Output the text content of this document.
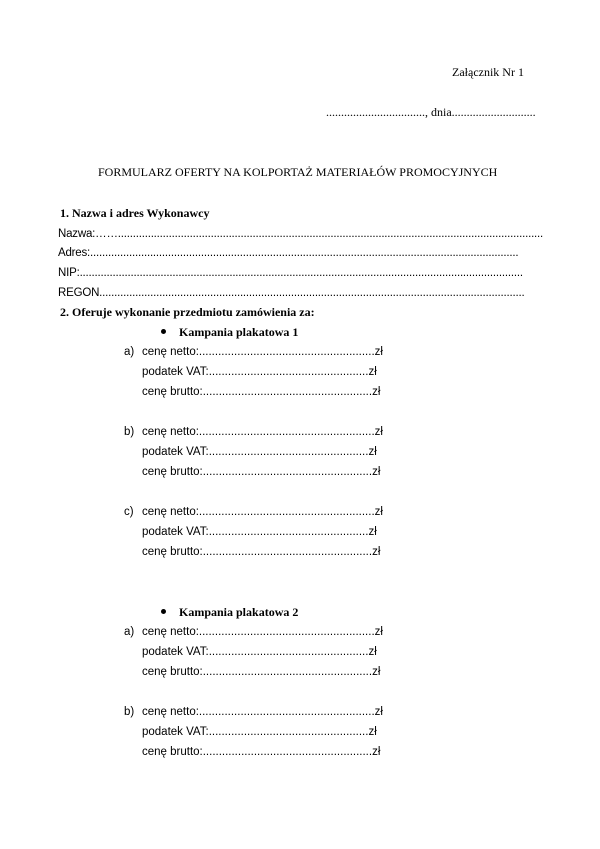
Załącznik Nr 1
................................., dnia............................
FORMULARZ OFERTY NA KOLPORTAŻ MATERIAŁÓW PROMOCYJNYCH
1. Nazwa i adres Wykonawcy
Nazwa:……..............................................................................................................................................
Adres:...............................................................................................................................................
NIP:....................................................................................................................................................
REGON..............................................................................................................................................
2. Oferuje wykonanie przedmiotu zamówienia za:
Kampania plakatowa 1
a) cenę netto:.......................................................zł
podatek VAT:..................................................zł
cenę brutto:.....................................................zł
b) cenę netto:.......................................................zł
podatek VAT:..................................................zł
cenę brutto:.....................................................zł
c) cenę netto:.......................................................zł
podatek VAT:..................................................zł
cenę brutto:.....................................................zł
Kampania plakatowa 2
a) cenę netto:.......................................................zł
podatek VAT:..................................................zł
cenę brutto:.....................................................zł
b) cenę netto:.......................................................zł
podatek VAT:..................................................zł
cenę brutto:.....................................................zł
